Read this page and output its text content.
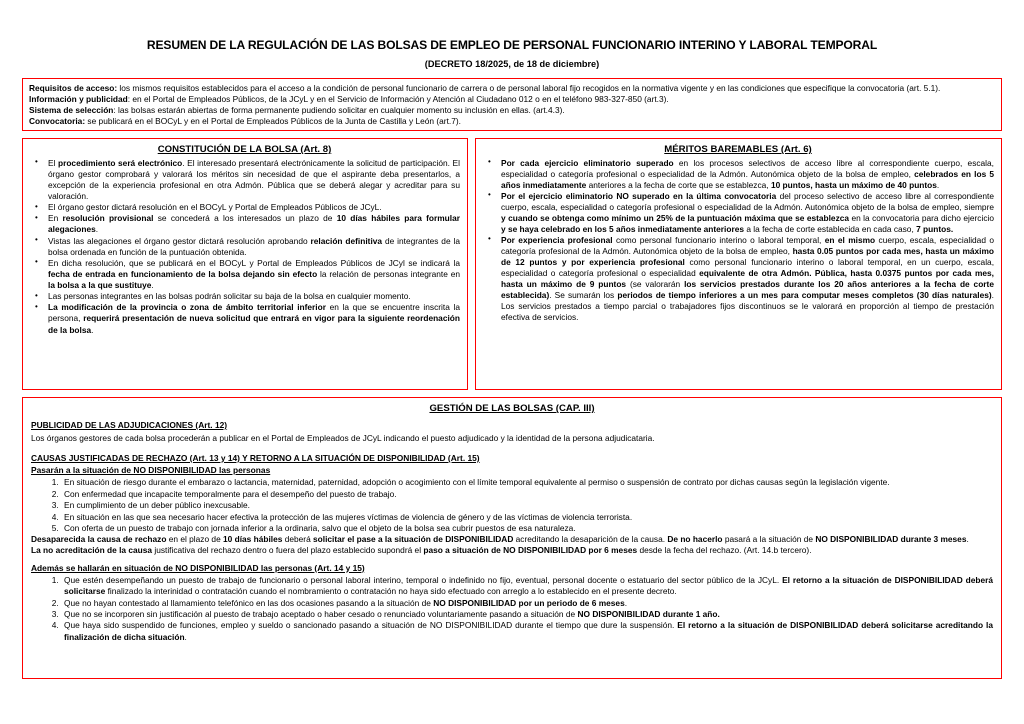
RESUMEN DE LA REGULACIÓN DE LAS BOLSAS DE EMPLEO DE PERSONAL FUNCIONARIO INTERINO Y LABORAL TEMPORAL
(DECRETO 18/2025, de 18 de diciembre)

Requisitos de acceso: los mismos requisitos establecidos para el acceso a la condición de personal funcionario de carrera o de personal laboral fijo recogidos en la normativa vigente y en las condiciones que especifique la convocatoria (art. 5.1).

Información y publicidad: en el Portal de Empleados Públicos, de la JCyL y en el Servicio de Información y Atención al Ciudadano 012 o en el teléfono 983-327-850 (art.3).

Sistema de selección: las bolsas estarán abiertas de forma permanente pudiendo solicitar en cualquier momento su inclusión en ellas. (art.4.3).

Convocatoria: se publicará en el BOCyL y en el Portal de Empleados Públicos de la Junta de Castilla y León (art.7).

CONSTITUCIÓN DE LA BOLSA (Art. 8)
• El procedimiento será electrónico. El interesado presentará electrónicamente la solicitud de participación. El órgano gestor comprobará y valorará los méritos sin necesidad de que el aspirante deba presentarlos, a excepción de la experiencia profesional en otra Admón. Pública que se deberá alegar y acreditar para su valoración.
• El órgano gestor dictará resolución en el BOCyL y Portal de Empleados Públicos de JCyL.
• En resolución provisional se concederá a los interesados un plazo de 10 días hábiles para formular alegaciones.
• Vistas las alegaciones el órgano gestor dictará resolución aprobando relación definitiva de integrantes de la bolsa ordenada en función de la puntuación obtenida.
• En dicha resolución, que se publicará en el BOCyL y Portal de Empleados Públicos de JCyl se indicará la fecha de entrada en funcionamiento de la bolsa dejando sin efecto la relación de personas integrante en la bolsa a la que sustituye.
• Las personas integrantes en las bolsas podrán solicitar su baja de la bolsa en cualquier momento.
• La modificación de la provincia o zona de ámbito territorial inferior en la que se encuentre inscrita la persona, requerirá presentación de nueva solicitud que entrará en vigor para la siguiente reordenación de la bolsa.
MÉRITOS BAREMABLES (Art. 6)
• Por cada ejercicio eliminatorio superado en los procesos selectivos de acceso libre al correspondiente cuerpo, escala, especialidad o categoría profesional o especialidad de la Admón. Autonómica objeto de la bolsa de empleo, celebrados en los 5 años inmediatamente anteriores a la fecha de corte que se establezca, 10 puntos, hasta un máximo de 40 puntos.
• Por el ejercicio eliminatorio NO superado en la última convocatoria del proceso selectivo de acceso libre al correspondiente cuerpo, escala, especialidad o categoría profesional o especialidad de la Admón. Autonómica objeto de la bolsa de empleo, siempre y cuando se obtenga como mínimo un 25% de la puntuación máxima que se establezca en la convocatoria para dicho ejercicio y se haya celebrado en los 5 años inmediatamente anteriores a la fecha de corte establecida en cada caso, 7 puntos.
• Por experiencia profesional como personal funcionario interino o laboral temporal, en el mismo cuerpo, escala, especialidad o categoría profesional de la Admón. Autonómica objeto de la bolsa de empleo, hasta 0.05 puntos por cada mes, hasta un máximo de 12 puntos y por experiencia profesional como personal funcionario interino o laboral temporal, en un cuerpo, escala, especialidad o categoría profesional o especialidad equivalente de otra Admón. Pública, hasta 0.0375 puntos por cada mes, hasta un máximo de 9 puntos (se valorarán los servicios prestados durante los 20 años anteriores a la fecha de corte establecida). Se sumarán los periodos de tiempo inferiores a un mes para computar meses completos (30 días naturales). Los servicios prestados a tiempo parcial o trabajadores fijos discontinuos se le valorará en proporción al tiempo de prestación efectiva de servicios.
GESTIÓN DE LAS BOLSAS (CAP. III)
PUBLICIDAD DE LAS ADJUDICACIONES (Art. 12)

Los órganos gestores de cada bolsa procederán a publicar en el Portal de Empleados de JCyL indicando el puesto adjudicado y la identidad de la persona adjudicataria.

CAUSAS JUSTIFICADAS DE RECHAZO (Art. 13 y 14) Y RETORNO A LA SITUACIÓN DE DISPONIBILIDAD (Art. 15)
Pasarán a la situación de NO DISPONIBILIDAD las personas
1. En situación de riesgo durante el embarazo o lactancia, maternidad, paternidad, adopción o acogimiento con el límite temporal equivalente al permiso o suspensión de contrato por dichas causas según la legislación vigente.
2. Con enfermedad que incapacite temporalmente para el desempeño del puesto de trabajo.
3. En cumplimiento de un deber público inexcusable.
4. En situación en las que sea necesario hacer efectiva la protección de las mujeres víctimas de violencia de género y de las víctimas de violencia terrorista.
5. Con oferta de un puesto de trabajo con jornada inferior a la ordinaria, salvo que el objeto de la bolsa sea cubrir puestos de esa naturaleza.

Desaparecida la causa de rechazo en el plazo de 10 días hábiles deberá solicitar el pase a la situación de DISPONIBILIDAD acreditando la desaparición de la causa. De no hacerlo pasará a la situación de NO DISPONIBILIDAD durante 3 meses.

La no acreditación de la causa justificativa del rechazo dentro o fuera del plazo establecido supondrá el paso a situación de NO DISPONIBILIDAD por 6 meses desde la fecha del rechazo. (Art. 14.b tercero).

Además se hallarán en situación de NO DISPONIBILIDAD las personas (Art. 14 y 15)
1. Que estén desempeñando un puesto de trabajo de funcionario o personal laboral interino, temporal o indefinido no fijo, eventual, personal docente o estatuario del sector público de la JCyL. El retorno a la situación de DISPONIBILIDAD deberá solicitarse finalizado la interinidad o contratación cuando el nombramiento o contratación no haya sido efectuado con arreglo a lo establecido en el presente decreto.
2. Que no hayan contestado al llamamiento telefónico en las dos ocasiones pasando a la situación de NO DISPONIBILIDAD por un periodo de 6 meses.
3. Que no se incorporen sin justificación al puesto de trabajo aceptado o haber cesado o renunciado voluntariamente pasando a situación de NO DISPONIBILIDAD durante 1 año.
4. Que haya sido suspendido de funciones, empleo y sueldo o sancionado pasando a situación de NO DISPONIBILIDAD durante el tiempo que dure la suspensión. El retorno a la situación de DISPONIBILIDAD deberá solicitarse acreditando la finalización de dicha situación.
